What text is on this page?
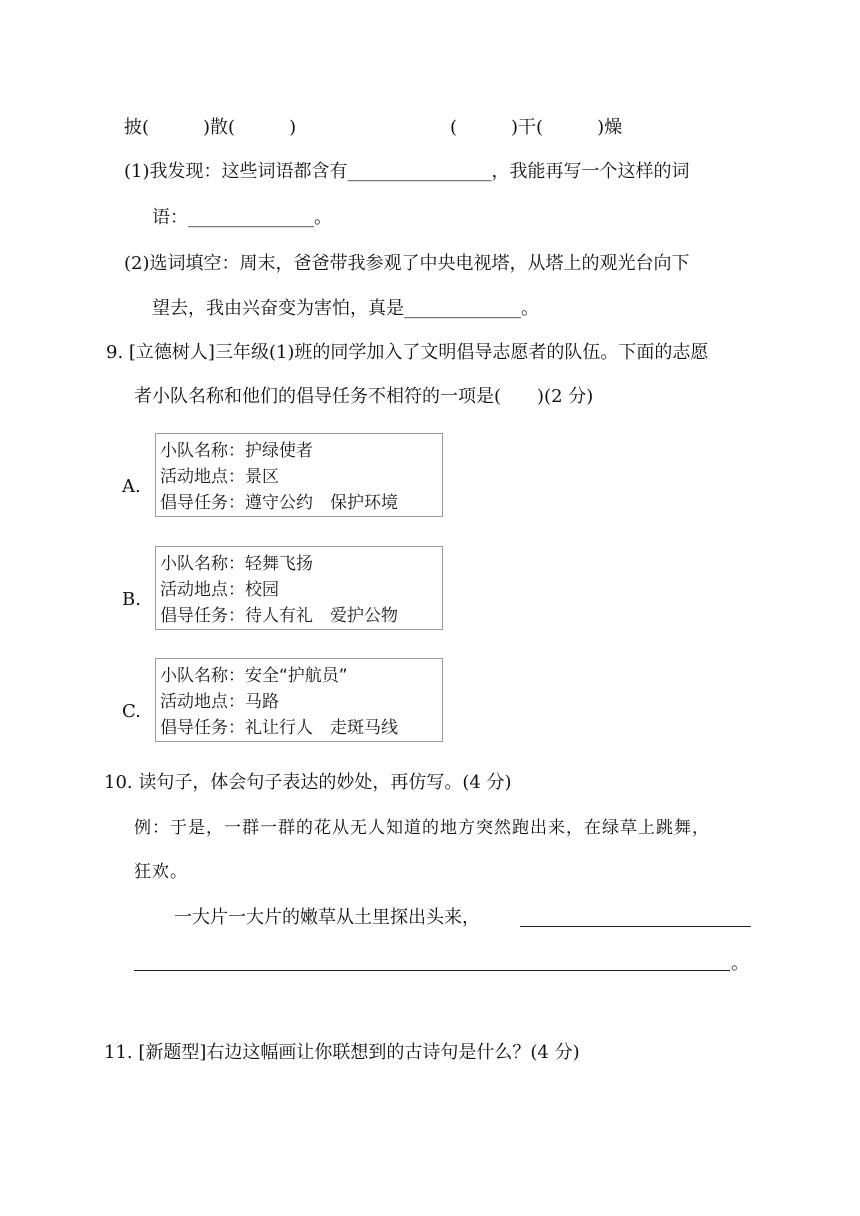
披(　　　)散(　　　)	(　　　)干(　　　)燥
(1)我发现：这些词语都含有________________，我能再写一个这样的词
语：______________。
(2)选词填空：周末，爸爸带我参观了中央电视塔，从塔上的观光台向下
望去，我由兴奋变为害怕，真是_____________。
9. [立德树人]三年级(1)班的同学加入了文明倡导志愿者的队伍。下面的志愿
者小队名称和他们的倡导任务不相符的一项是(　　)(2 分)
A.
小队名称：护绿使者
活动地点：景区
倡导任务：遵守公约　保护环境
B.
小队名称：轻舞飞扬
活动地点：校园
倡导任务：待人有礼　爱护公物
C.
小队名称：安全“护航员”
活动地点：马路
倡导任务：礼让行人　走斑马线
10. 读句子，体会句子表达的妙处，再仿写。(4 分)
例：于是，一群一群的花从无人知道的地方突然跑出来，在绿草上跳舞，
狂欢。
一大片一大片的嫩草从土里探出头来，
。
11. [新题型]右边这幅画让你联想到的古诗句是什么？(4 分)
